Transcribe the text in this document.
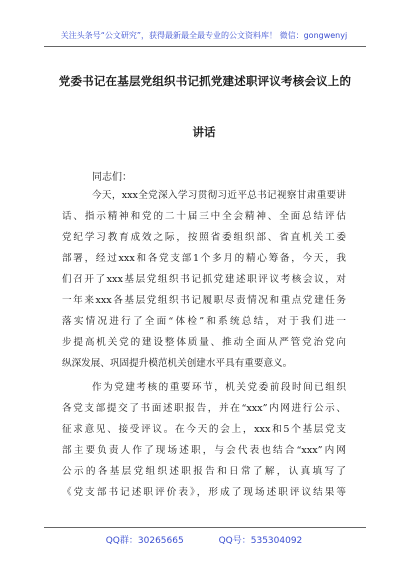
关注头条号“公文研究”，获得最新最全最专业的公文资料库！ 微信：gongwenyj
党委书记在基层党组织书记抓党建述职评议考核会议上的
讲话
同志们：
今天，xxx全党深入学习贯彻习近平总书记视察甘肃重要讲
话、指示精神和党的二十届三中全会精神、全面总结评估
党纪学习教育成效之际，按照省委组织部、省直机关工委
部署，经过xxx和各党支部1个多月的精心筹备，今天，我
们召开了xxx基层党组织书记抓党建述职评议考核会议，对
一年来xxx各基层党组织书记履职尽责情况和重点党建任务
落实情况进行了全面“体检”和系统总结，对于我们进一
步提高机关党的建设整体质量、推动全面从严管党治党向
纵深发展、巩固提升模范机关创建水平具有重要意义。
作为党建考核的重要环节，机关党委前段时间已组织
各党支部提交了书面述职报告，并在“xxx”内网进行公示、
征求意见、接受评议。在今天的会上，xxx和5个基层党支
部主要负责人作了现场述职，与会代表也结合“xxx”内网
公示的各基层党组织述职报告和日常了解，认真填写了
《党支部书记述职评价表》，形成了现场述职评议结果等
QQ群：30265665	QQ号：535304092
